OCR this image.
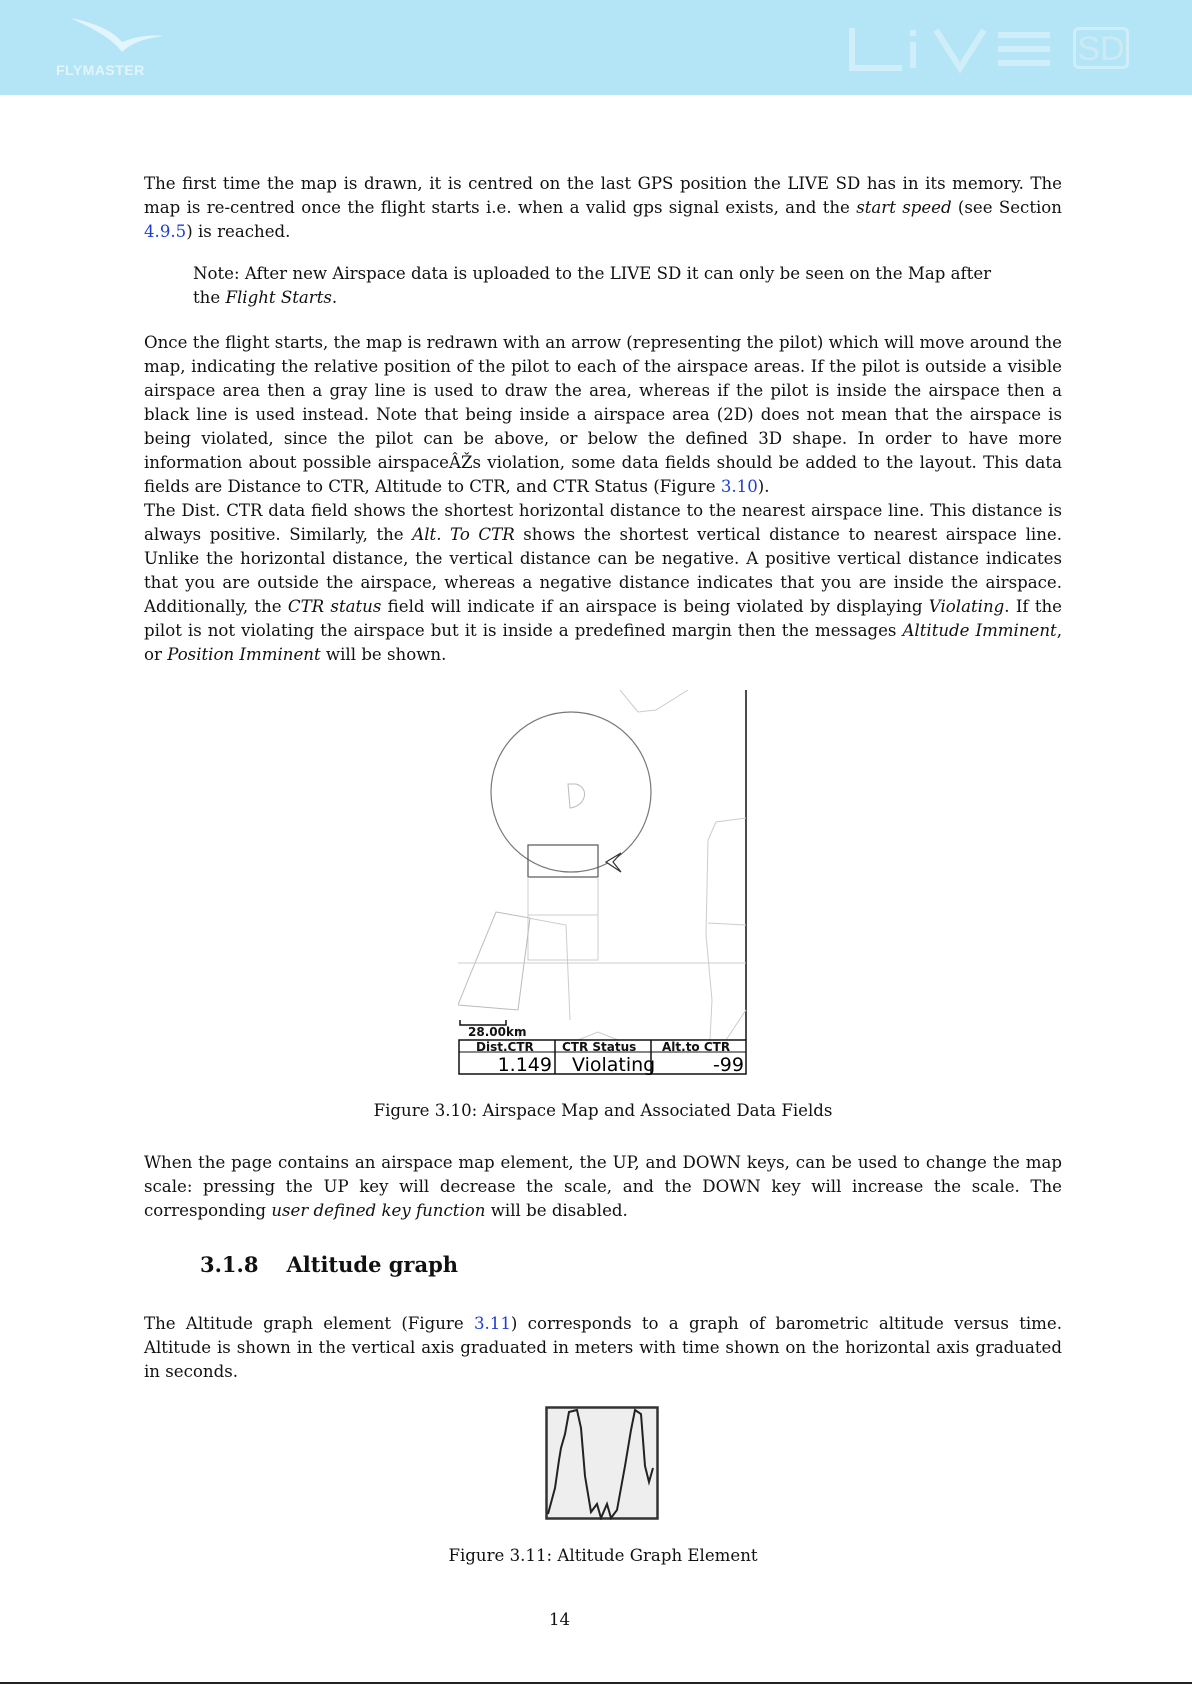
FLYMASTER
SD

The first time the map is drawn, it is centred on the last GPS position the LIVE SD has in its memory. The map is re-centred once the flight starts i.e. when a valid gps signal exists, and the start speed (see Section 4.9.5) is reached.

Note: After new Airspace data is uploaded to the LIVE SD it can only be seen on the Map after the Flight Starts.

Once the flight starts, the map is redrawn with an arrow (representing the pilot) which will move around the map, indicating the relative position of the pilot to each of the airspace areas. If the pilot is outside a visible airspace area then a gray line is used to draw the area, whereas if the pilot is inside the airspace then a black line is used instead. Note that being inside a airspace area (2D) does not mean that the airspace is being violated, since the pilot can be above, or below the defined 3D shape. In order to have more information about possible airspaceÂŽs violation, some data fields should be added to the layout. This data fields are Distance to CTR, Altitude to CTR, and CTR Status (Figure 3.10).

The Dist. CTR data field shows the shortest horizontal distance to the nearest airspace line. This distance is always positive. Similarly, the Alt. To CTR shows the shortest vertical distance to nearest airspace line. Unlike the horizontal distance, the vertical distance can be negative. A positive vertical distance indicates that you are outside the airspace, whereas a negative distance indicates that you are inside the airspace. Additionally, the CTR status field will indicate if an airspace is being violated by displaying Violating. If the pilot is not violating the airspace but it is inside a predefined margin then the messages Altitude Imminent, or Position Imminent will be shown.

28.00km
Dist.CTR CTR Status Alt.to CTR
1.149 Violating	-99
Figure 3.10: Airspace Map and Associated Data Fields

When the page contains an airspace map element, the UP, and DOWN keys, can be used to change the map scale: pressing the UP key will decrease the scale, and the DOWN key will increase the scale. The corresponding user defined key function will be disabled.

3.1.8 Altitude graph

The Altitude graph element (Figure 3.11) corresponds to a graph of barometric altitude versus time. Altitude is shown in the vertical axis graduated in meters with time shown on the horizontal axis graduated in seconds.

Figure 3.11: Altitude Graph Element
14
